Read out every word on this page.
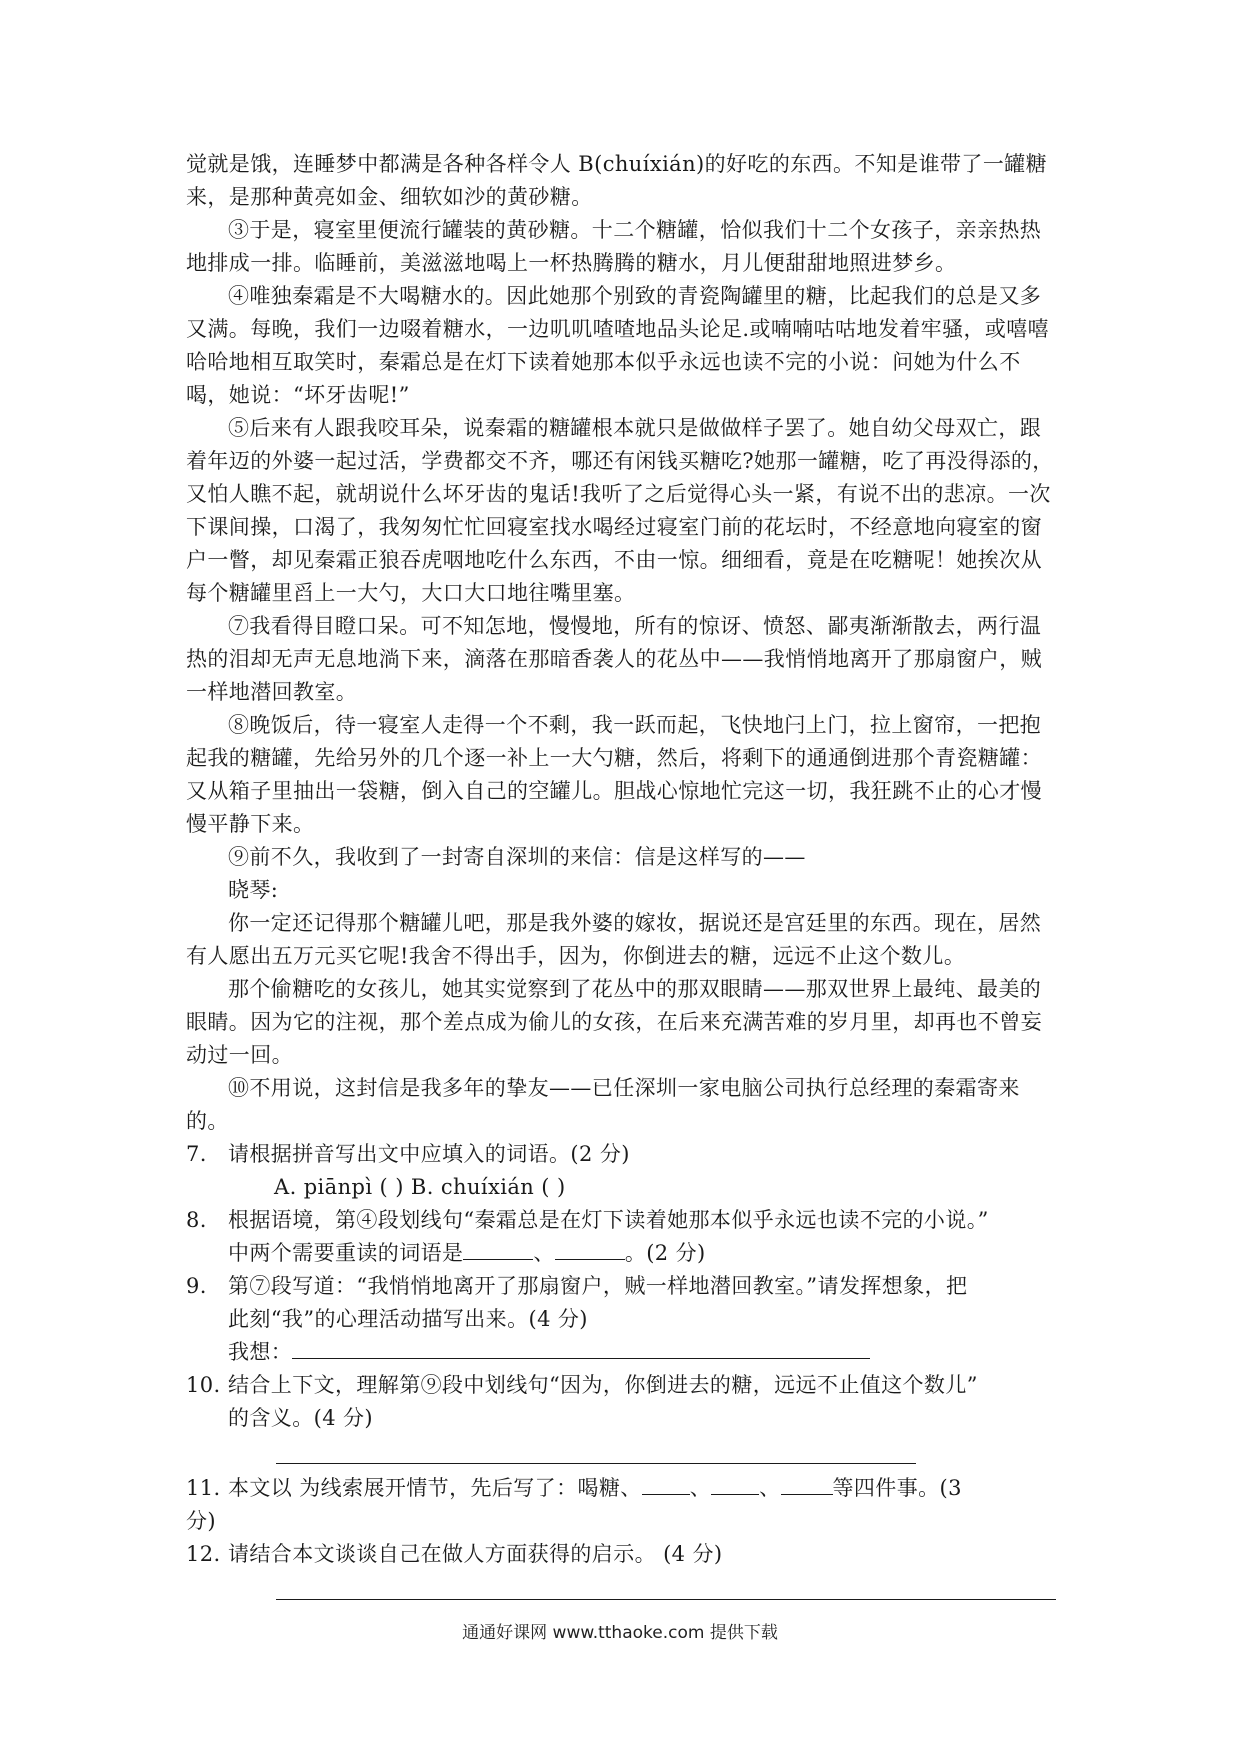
觉就是饿，连睡梦中都满是各种各样令人 B(chuíxián)的好吃的东西。不知是谁带了一罐糖来，是那种黄亮如金、细软如沙的黄砂糖。

③于是，寝室里便流行罐装的黄砂糖。十二个糖罐，恰似我们十二个女孩子，亲亲热热地排成一排。临睡前，美滋滋地喝上一杯热腾腾的糖水，月儿便甜甜地照进梦乡。

④唯独秦霜是不大喝糖水的。因此她那个别致的青瓷陶罐里的糖，比起我们的总是又多又满。每晚，我们一边啜着糖水，一边叽叽喳喳地品头论足.或喃喃咕咕地发着牢骚，或嘻嘻哈哈地相互取笑时，秦霜总是在灯下读着她那本似乎永远也读不完的小说：问她为什么不喝，她说：“坏牙齿呢!”

⑤后来有人跟我咬耳朵，说秦霜的糖罐根本就只是做做样子罢了。她自幼父母双亡，跟着年迈的外婆一起过活，学费都交不齐，哪还有闲钱买糖吃?她那一罐糖，吃了再没得添的，又怕人瞧不起，就胡说什么坏牙齿的鬼话!我听了之后觉得心头一紧，有说不出的悲凉。一次下课间操，口渴了，我匆匆忙忙回寝室找水喝经过寝室门前的花坛时，不经意地向寝室的窗户一瞥，却见秦霜正狼吞虎咽地吃什么东西，不由一惊。细细看，竟是在吃糖呢！她挨次从每个糖罐里舀上一大勺，大口大口地往嘴里塞。

⑦我看得目瞪口呆。可不知怎地，慢慢地，所有的惊讶、愤怒、鄙夷渐渐散去，两行温热的泪却无声无息地淌下来，滴落在那暗香袭人的花丛中——我悄悄地离开了那扇窗户，贼一样地潜回教室。

⑧晚饭后，待一寝室人走得一个不剩，我一跃而起，飞快地闩上门，拉上窗帘，一把抱起我的糖罐，先给另外的几个逐一补上一大勺糖，然后，将剩下的通通倒进那个青瓷糖罐：又从箱子里抽出一袋糖，倒入自己的空罐儿。胆战心惊地忙完这一切，我狂跳不止的心才慢慢平静下来。

⑨前不久，我收到了一封寄自深圳的来信：信是这样写的——

晓琴:

你一定还记得那个糖罐儿吧，那是我外婆的嫁妆，据说还是宫廷里的东西。现在，居然有人愿出五万元买它呢!我舍不得出手，因为，你倒进去的糖，远远不止这个数儿。

那个偷糖吃的女孩儿，她其实觉察到了花丛中的那双眼睛——那双世界上最纯、最美的眼睛。因为它的注视，那个差点成为偷儿的女孩，在后来充满苦难的岁月里，却再也不曾妄动过一回。

⑩不用说，这封信是我多年的挚友——已任深圳一家电脑公司执行总经理的秦霜寄来的。

7. 请根据拼音写出文中应填入的词语。(2 分)

A. piānpì ( ) B. chuíxián ( )

8. 根据语境，第④段划线句“秦霜总是在灯下读着她那本似乎永远也读不完的小说。”

中两个需要重读的词语是	、	。(2 分)

9. 第⑦段写道：“我悄悄地离开了那扇窗户，贼一样地潜回教室。”请发挥想象，把

此刻“我”的心理活动描写出来。(4 分)

我想：

10. 结合上下文，理解第⑨段中划线句“因为，你倒进去的糖，远远不止值这个数儿”

的含义。(4 分)

11. 本文以 为线索展开情节，先后写了：喝糖、 、 、 等四件事。(3

分)

12. 请结合本文谈谈自己在做人方面获得的启示。 (4 分)

通通好课网 www.tthaoke.com 提供下载
